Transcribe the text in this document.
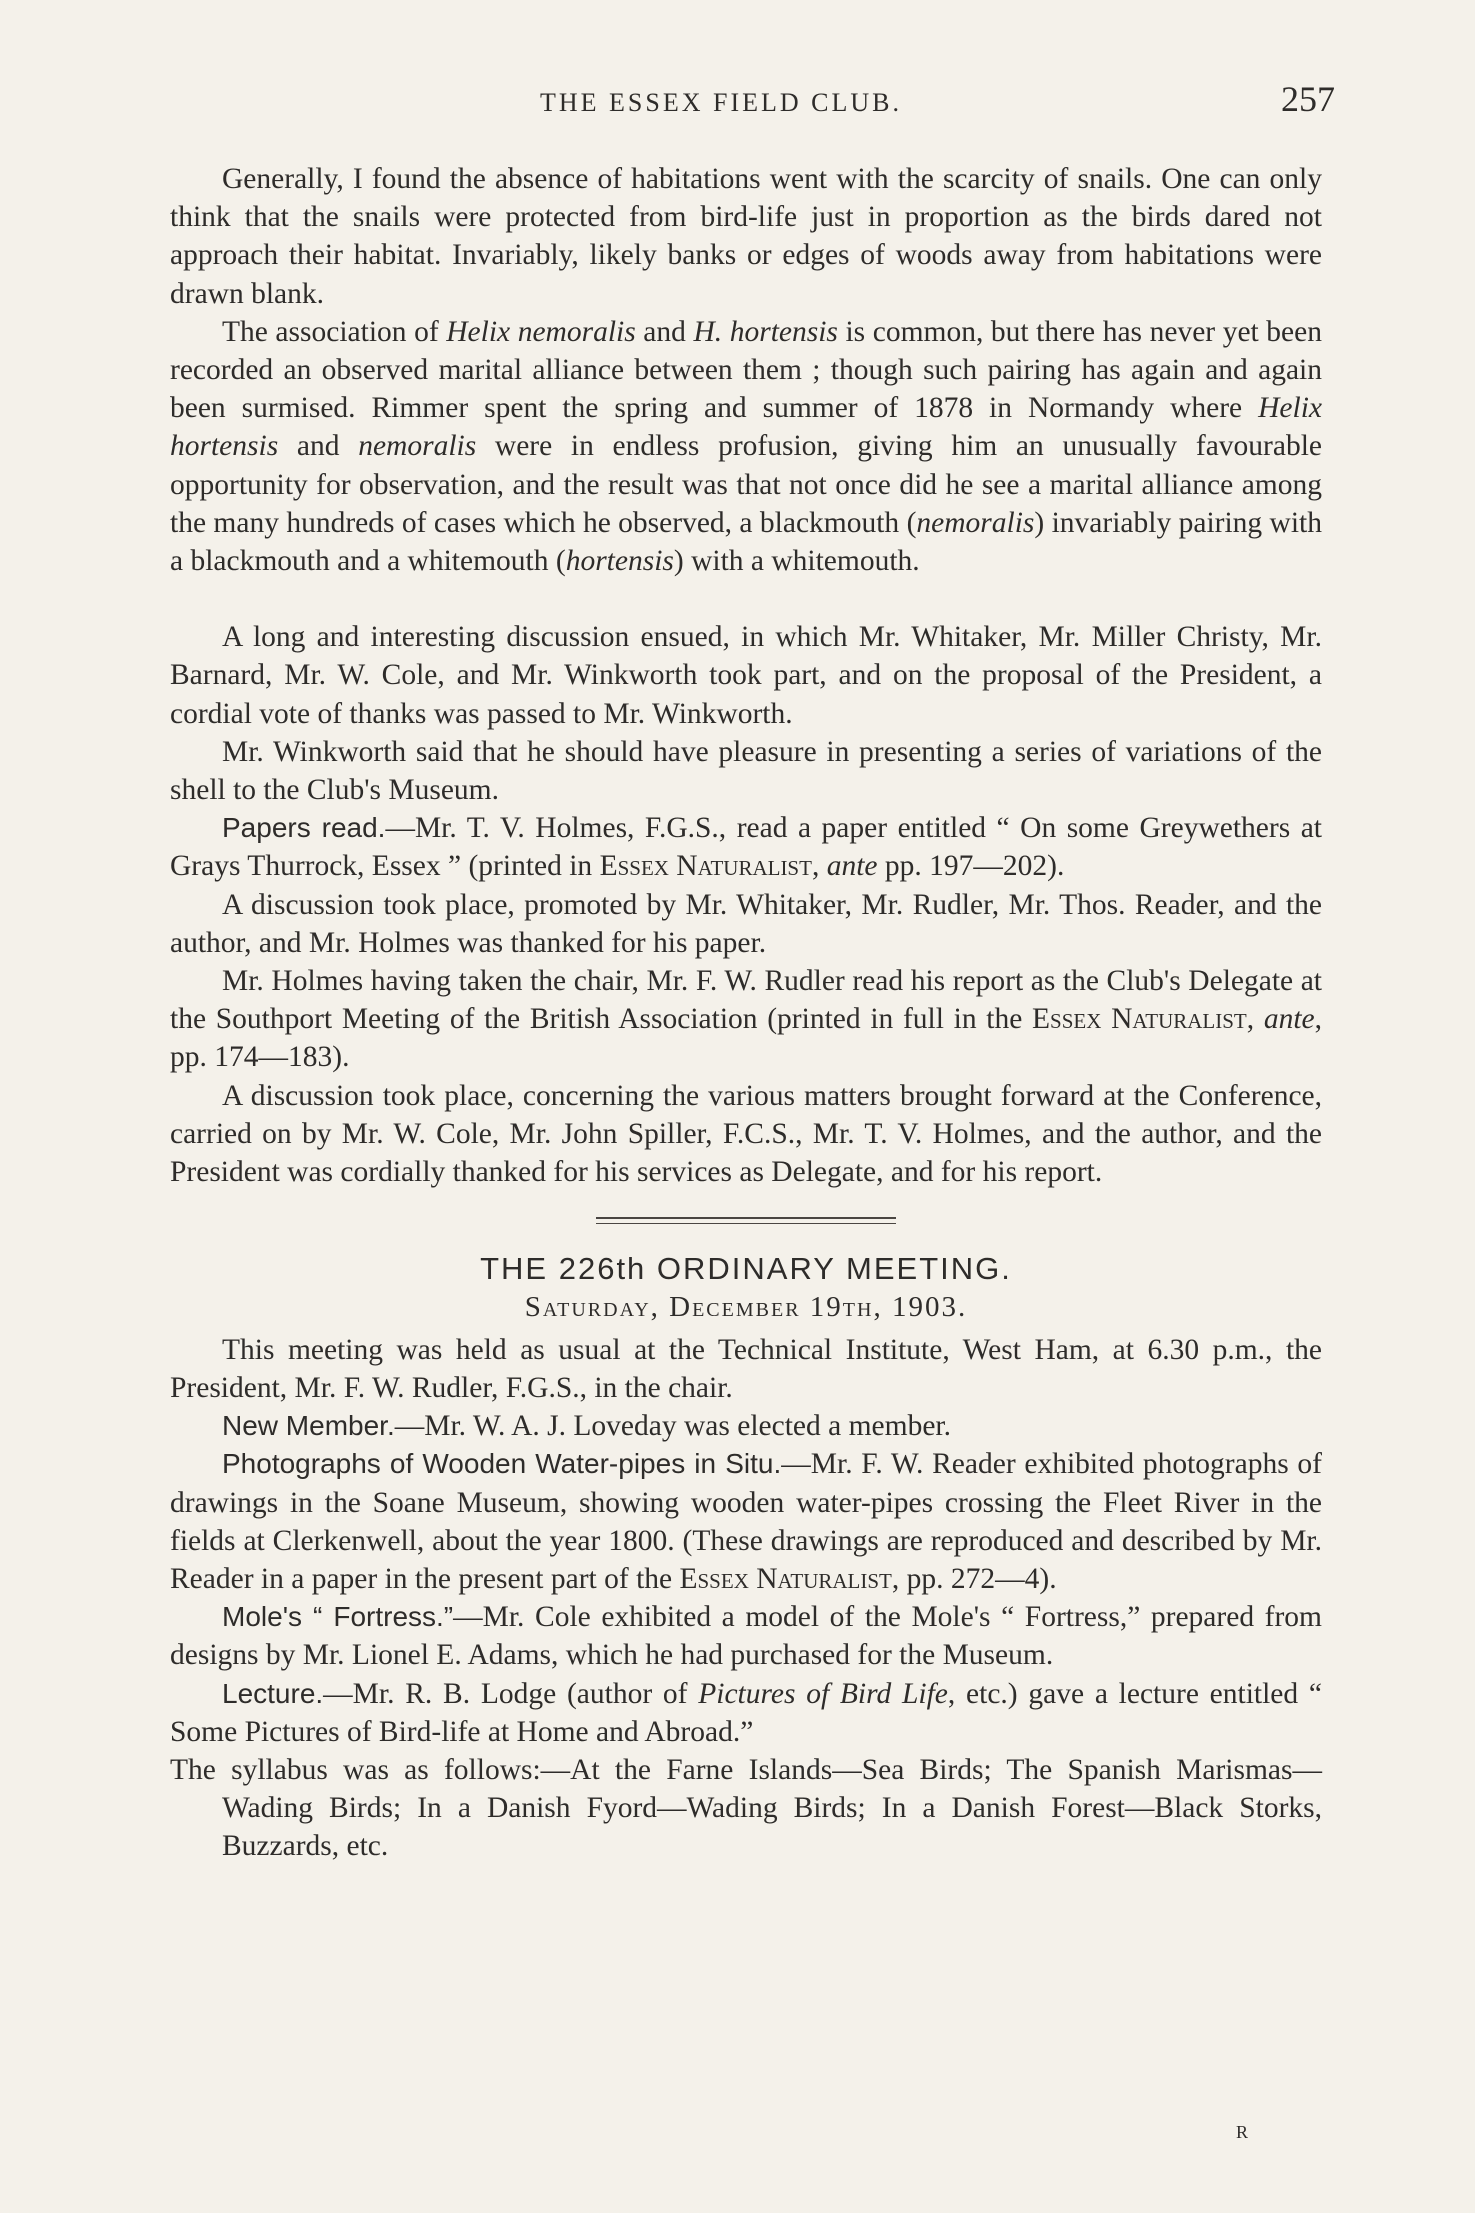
THE ESSEX FIELD CLUB.	257

Generally, I found the absence of habitations went with the scarcity of snails. One can only think that the snails were protected from bird-life just in proportion as the birds dared not approach their habitat. Invariably, likely banks or edges of woods away from habitations were drawn blank.

The association of Helix nemoralis and H. hortensis is common, but there has never yet been recorded an observed marital alliance between them ; though such pairing has again and again been surmised. Rimmer spent the spring and summer of 1878 in Normandy where Helix hortensis and nemoralis were in endless profusion, giving him an unusually favourable opportunity for observation, and the result was that not once did he see a marital alliance among the many hundreds of cases which he observed, a blackmouth (nemoralis) invariably pairing with a blackmouth and a whitemouth (hortensis) with a whitemouth.

A long and interesting discussion ensued, in which Mr. Whitaker, Mr. Miller Christy, Mr. Barnard, Mr. W. Cole, and Mr. Winkworth took part, and on the proposal of the President, a cordial vote of thanks was passed to Mr. Winkworth.

Mr. Winkworth said that he should have pleasure in presenting a series of variations of the shell to the Club's Museum.

Papers read.—Mr. T. V. Holmes, F.G.S., read a paper entitled “ On some Greywethers at Grays Thurrock, Essex ” (printed in Essex Naturalist, ante pp. 197—202).

A discussion took place, promoted by Mr. Whitaker, Mr. Rudler, Mr. Thos. Reader, and the author, and Mr. Holmes was thanked for his paper.

Mr. Holmes having taken the chair, Mr. F. W. Rudler read his report as the Club's Delegate at the Southport Meeting of the British Association (printed in full in the Essex Naturalist, ante, pp. 174—183).

A discussion took place, concerning the various matters brought forward at the Conference, carried on by Mr. W. Cole, Mr. John Spiller, F.C.S., Mr. T. V. Holmes, and the author, and the President was cordially thanked for his services as Delegate, and for his report.

THE 226th ORDINARY MEETING.
Saturday, December 19th, 1903.

This meeting was held as usual at the Technical Institute, West Ham, at 6.30 p.m., the President, Mr. F. W. Rudler, F.G.S., in the chair.

New Member.—Mr. W. A. J. Loveday was elected a member.

Photographs of Wooden Water-pipes in Situ.—Mr. F. W. Reader exhibited photographs of drawings in the Soane Museum, showing wooden water-pipes crossing the Fleet River in the fields at Clerkenwell, about the year 1800. (These drawings are reproduced and described by Mr. Reader in a paper in the present part of the Essex Naturalist, pp. 272—4).

Mole's “ Fortress.”—Mr. Cole exhibited a model of the Mole's “ Fortress,” prepared from designs by Mr. Lionel E. Adams, which he had purchased for the Museum.

Lecture.—Mr. R. B. Lodge (author of Pictures of Bird Life, etc.) gave a lecture entitled “ Some Pictures of Bird-life at Home and Abroad.”

The syllabus was as follows:—At the Farne Islands—Sea Birds; The Spanish Marismas—Wading Birds; In a Danish Fyord—Wading Birds; In a Danish Forest—Black Storks, Buzzards, etc.

R
